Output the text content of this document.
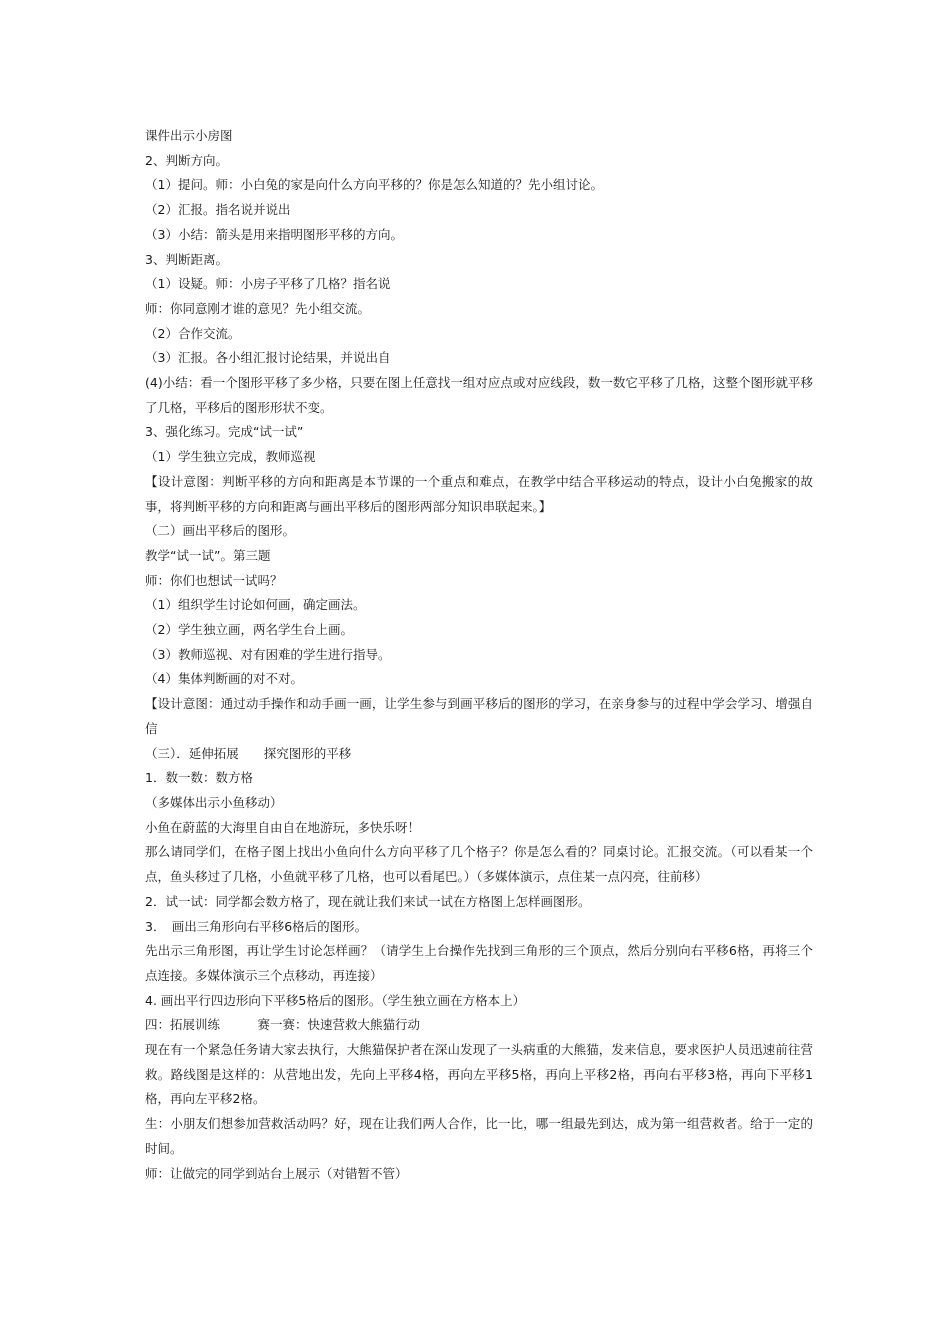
课件出示小房图

2、判断方向。

（1）提问。师：小白兔的家是向什么方向平移的？你是怎么知道的？先小组讨论。

（2）汇报。指名说并说出

（3）小结：箭头是用来指明图形平移的方向。

3、判断距离。

（1）设疑。师：小房子平移了几格？指名说

师：你同意刚才谁的意见？先小组交流。

（2）合作交流。

（3）汇报。各小组汇报讨论结果，并说出自

(4)小结：看一个图形平移了多少格，只要在图上任意找一组对应点或对应线段，数一数它平移了几格，这整个图形就平移了几格，平移后的图形形状不变。

3、强化练习。完成“试一试”

（1）学生独立完成，教师巡视

【设计意图：判断平移的方向和距离是本节课的一个重点和难点，在教学中结合平移运动的特点，设计小白兔搬家的故事，将判断平移的方向和距离与画出平移后的图形两部分知识串联起来。】

（二）画出平移后的图形。

教学“试一试”。第三题

师：你们也想试一试吗？

（1）组织学生讨论如何画，确定画法。

（2）学生独立画，两名学生台上画。

（3）教师巡视、对有困难的学生进行指导。

（4）集体判断画的对不对。

【设计意图：通过动手操作和动手画一画，让学生参与到画平移后的图形的学习，在亲身参与的过程中学会学习、增强自信

（三）．延伸拓展　　探究图形的平移

1．数一数：数方格

（多媒体出示小鱼移动）

小鱼在蔚蓝的大海里自由自在地游玩，多快乐呀！

那么请同学们，在格子图上找出小鱼向什么方向平移了几个格子？你是怎么看的？同桌讨论。汇报交流。（可以看某一个点，鱼头移过了几格，小鱼就平移了几格，也可以看尾巴。）（多媒体演示，点住某一点闪亮，往前移）

2．试一试：同学都会数方格了，现在就让我们来试一试在方格图上怎样画图形。

3．　画出三角形向右平移6格后的图形。

先出示三角形图，再让学生讨论怎样画？（请学生上台操作先找到三角形的三个顶点，然后分别向右平移6格，再将三个点连接。多媒体演示三个点移动，再连接）

4. 画出平行四边形向下平移5格后的图形。（学生独立画在方格本上）

四：拓展训练　　　赛一赛：快速营救大熊猫行动

现在有一个紧急任务请大家去执行，大熊猫保护者在深山发现了一头病重的大熊猫，发来信息，要求医护人员迅速前往营救。路线图是这样的：从营地出发，先向上平移4格，再向左平移5格，再向上平移2格，再向右平移3格，再向下平移1格，再向左平移2格。

生：小朋友们想参加营救活动吗？好，现在让我们两人合作，比一比，哪一组最先到达，成为第一组营救者。给于一定的时间。

师：让做完的同学到站台上展示（对错暂不管）
